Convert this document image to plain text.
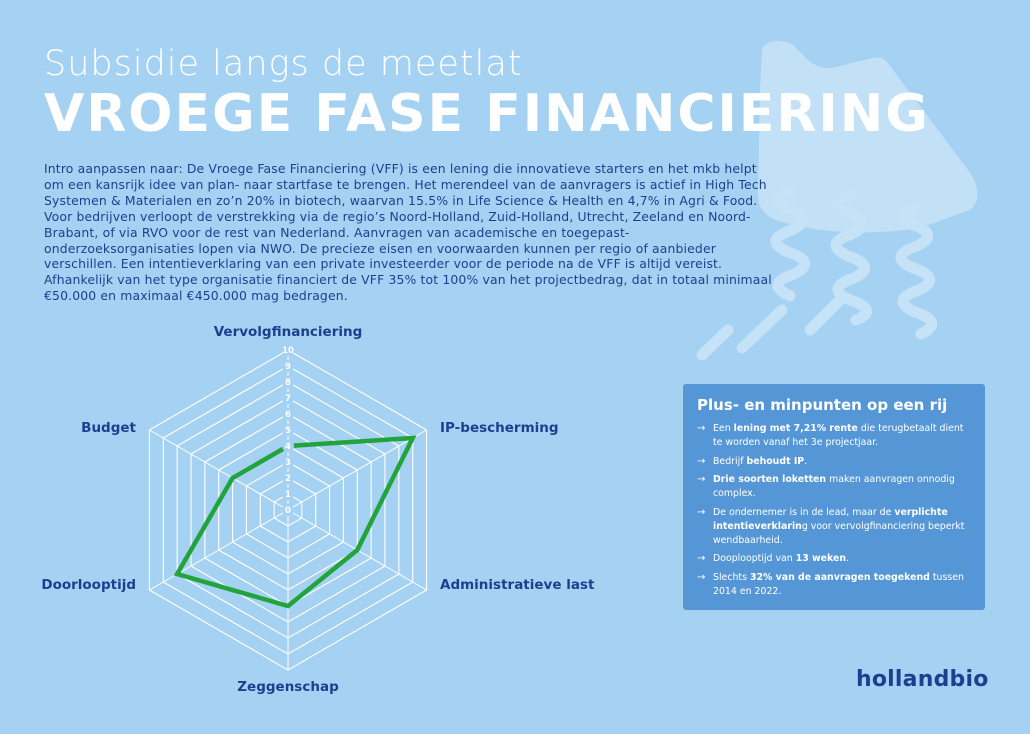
Subsidie langs de meetlat
VROEGE FASE FINANCIERING

Intro aanpassen naar: De Vroege Fase Financiering (VFF) is een lening die innovatieve starters en het mkb helpt om een kansrijk idee van plan- naar startfase te brengen. Het merendeel van de aanvragers is actief in High Tech Systemen & Materialen en zo’n 20% in biotech, waarvan 15.5% in Life Science & Health en 4,7% in Agri & Food. Voor bedrijven verloopt de verstrekking via de regio’s Noord-Holland, Zuid-Holland, Utrecht, Zeeland en Noord-Brabant, of via RVO voor de rest van Nederland. Aanvragen van academische en toegepast-onderzoeksorganisaties lopen via NWO. De precieze eisen en voorwaarden kunnen per regio of aanbieder verschillen. Een intentieverklaring van een private investeerder voor de periode na de VFF is altijd vereist. Afhankelijk van het type organisatie financiert de VFF 35% tot 100% van het projectbedrag, dat in totaal minimaal €50.000 en maximaal €450.000 mag bedragen.

0
1
2
3
4
5
6
7
8
9
10
Vervolgfinanciering
IP-bescherming
Administratieve last
Zeggenschap
Doorlooptijd
Budget
Plus- en minpunten op een rij
→ Een lening met 7,21% rente die terugbetaalt dient te worden vanaf het 3e projectjaar.
→ Bedrijf behoudt IP.
→ Drie soorten loketten maken aanvragen onnodig complex.
→ De ondernemer is in de lead, maar de verplichte intentieverklaring voor vervolgfinanciering beperkt wendbaarheid.
→ Dooplooptijd van 13 weken.
→ Slechts 32% van de aanvragen toegekend tussen 2014 en 2022.

hollandbio
